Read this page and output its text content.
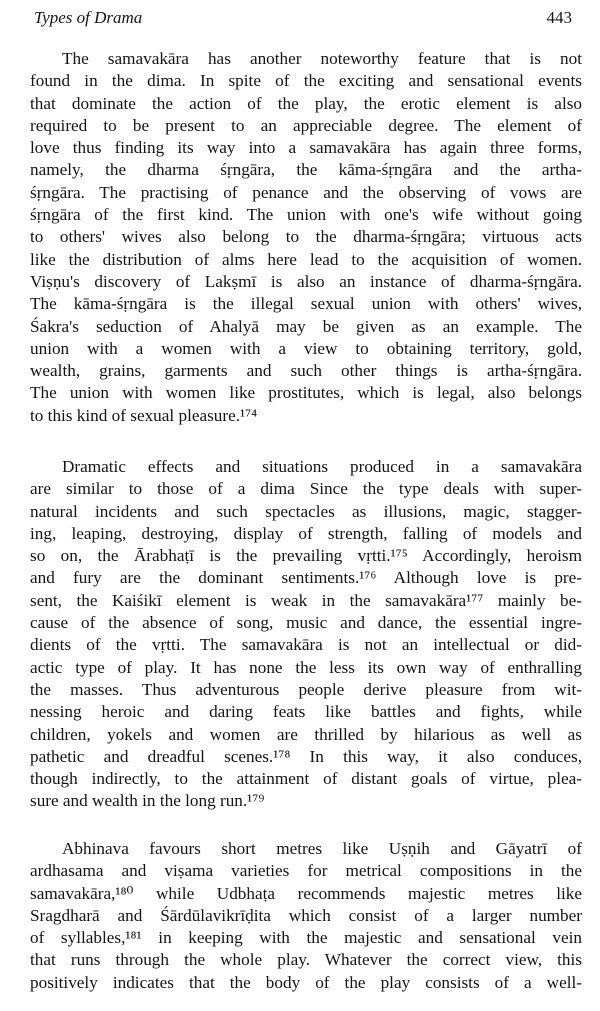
Types of Drama	443
The samavakāra has another noteworthy feature that is not
found in the dima. In spite of the exciting and sensational events
that dominate the action of the play, the erotic element is also
required to be present to an appreciable degree. The element of
love thus finding its way into a samavakāra has again three forms,
namely, the dharma śṛngāra, the kāma-śṛngāra and the artha-
śṛngāra. The practising of penance and the observing of vows are
śṛngāra of the first kind. The union with one's wife without going
to others' wives also belong to the dharma-śṛngāra; virtuous acts
like the distribution of alms here lead to the acquisition of women.
Viṣṇu's discovery of Lakṣmī is also an instance of dharma-śṛngāra.
The kāma-śṛngāra is the illegal sexual union with others' wives,
Śakra's seduction of Ahalyā may be given as an example. The
union with a women with a view to obtaining territory, gold,
wealth, grains, garments and such other things is artha-śṛngāra.
The union with women like prostitutes, which is legal, also belongs
to this kind of sexual pleasure.¹⁷⁴
Dramatic effects and situations produced in a samavakāra
are similar to those of a dima Since the type deals with super-
natural incidents and such spectacles as illusions, magic, stagger-
ing, leaping, destroying, display of strength, falling of models and
so on, the Ārabhaṭī is the prevailing vṛtti.¹⁷⁵ Accordingly, heroism
and fury are the dominant sentiments.¹⁷⁶ Although love is pre-
sent, the Kaiśikī element is weak in the samavakāra¹⁷⁷ mainly be-
cause of the absence of song, music and dance, the essential ingre-
dients of the vṛtti. The samavakāra is not an intellectual or did-
actic type of play. It has none the less its own way of enthralling
the masses. Thus adventurous people derive pleasure from wit-
nessing heroic and daring feats like battles and fights, while
children, yokels and women are thrilled by hilarious as well as
pathetic and dreadful scenes.¹⁷⁸ In this way, it also conduces,
though indirectly, to the attainment of distant goals of virtue, plea-
sure and wealth in the long run.¹⁷⁹
Abhinava favours short metres like Uṣṇih and Gāyatrī of
ardhasama and viṣama varieties for metrical compositions in the
samavakāra,¹⁸⁰ while Udbhaṭa recommends majestic metres like
Sragdharā and Śārdūlavikrīḍita which consist of a larger number
of syllables,¹⁸¹ in keeping with the majestic and sensational vein
that runs through the whole play. Whatever the correct view, this
positively indicates that the body of the play consists of a well-
